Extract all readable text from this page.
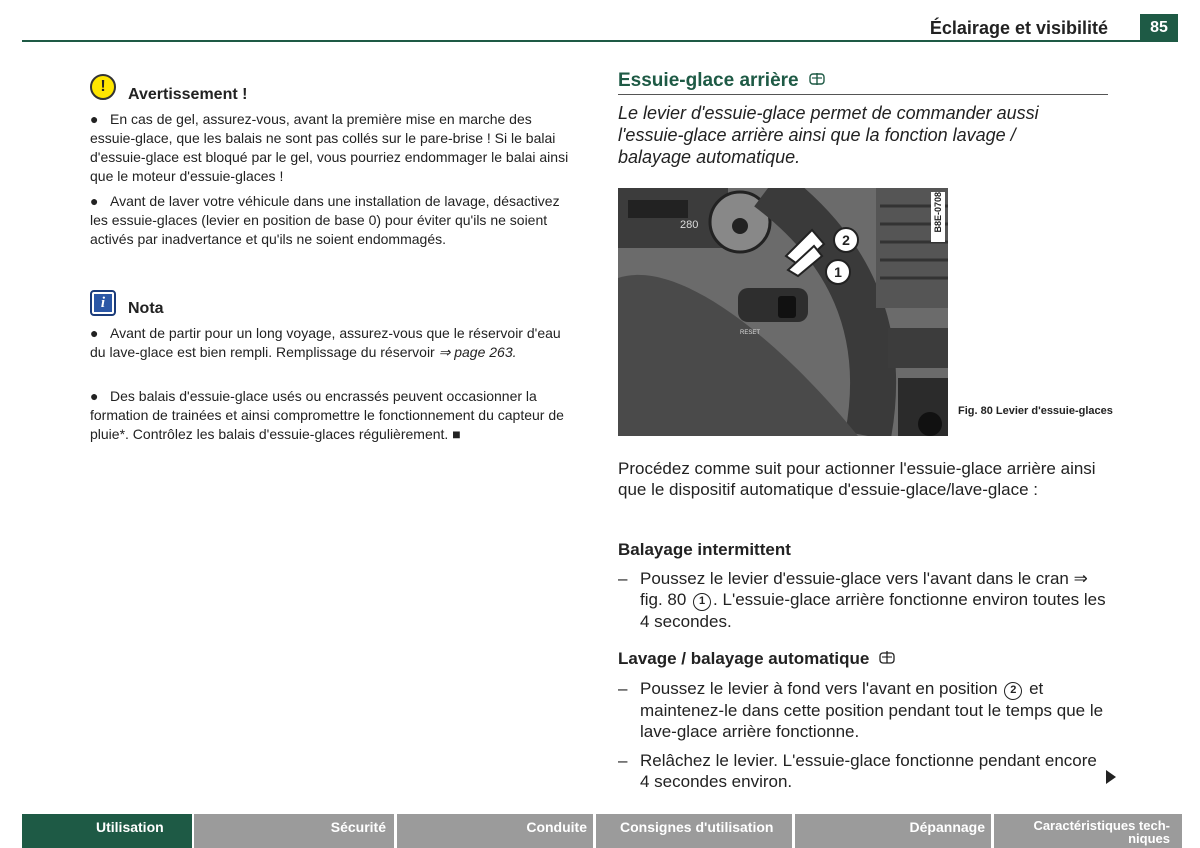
Éclairage et visibilité	85
!	Avertissement !

● En cas de gel, assurez-vous, avant la première mise en marche des essuie-glace, que les balais ne sont pas collés sur le pare-brise ! Si le balai d'essuie-glace est bloqué par le gel, vous pourriez endommager le balai ainsi que le moteur d'essuie-glaces !

● Avant de laver votre véhicule dans une installation de lavage, désactivez les essuie-glaces (levier en position de base 0) pour éviter qu'ils ne soient activés par inadvertance et qu'ils ne soient endommagés.

i	Nota

● Avant de partir pour un long voyage, assurez-vous que le réservoir d'eau du lave-glace est bien rempli. Remplissage du réservoir ⇒ page 263.

● Des balais d'essuie-glace usés ou encrassés peuvent occasionner la formation de trainées et ainsi compromettre le fonctionnement du capteur de pluie*. Contrôlez les balais d'essuie-glaces régulièrement. ■

Essuie-glace arrière
Le levier d'essuie-glace permet de commander aussi l'essuie-glace arrière ainsi que la fonction lavage / balayage automatique.
280
RESET
2
1
B8E-0708
Fig. 80 Levier d'essuie-glaces
Procédez comme suit pour actionner l'essuie-glace arrière ainsi que le dispositif automatique d'essuie-glace/lave-glace :
Balayage intermittent
– Poussez le levier d'essuie-glace vers l'avant dans le cran ⇒ fig. 80 1 . L'essuie-glace arrière fonctionne environ toutes les 4 secondes.
Lavage / balayage automatique
– Poussez le levier à fond vers l'avant en position 2 et maintenez-le dans cette position pendant tout le temps que le lave-glace arrière fonctionne.
– Relâchez le levier. L'essuie-glace fonctionne pendant encore 4 secondes environ.
Utilisation	Sécurité	Conduite	Consignes d'utilisation	Dépannage	Caractéristiques tech-niques
